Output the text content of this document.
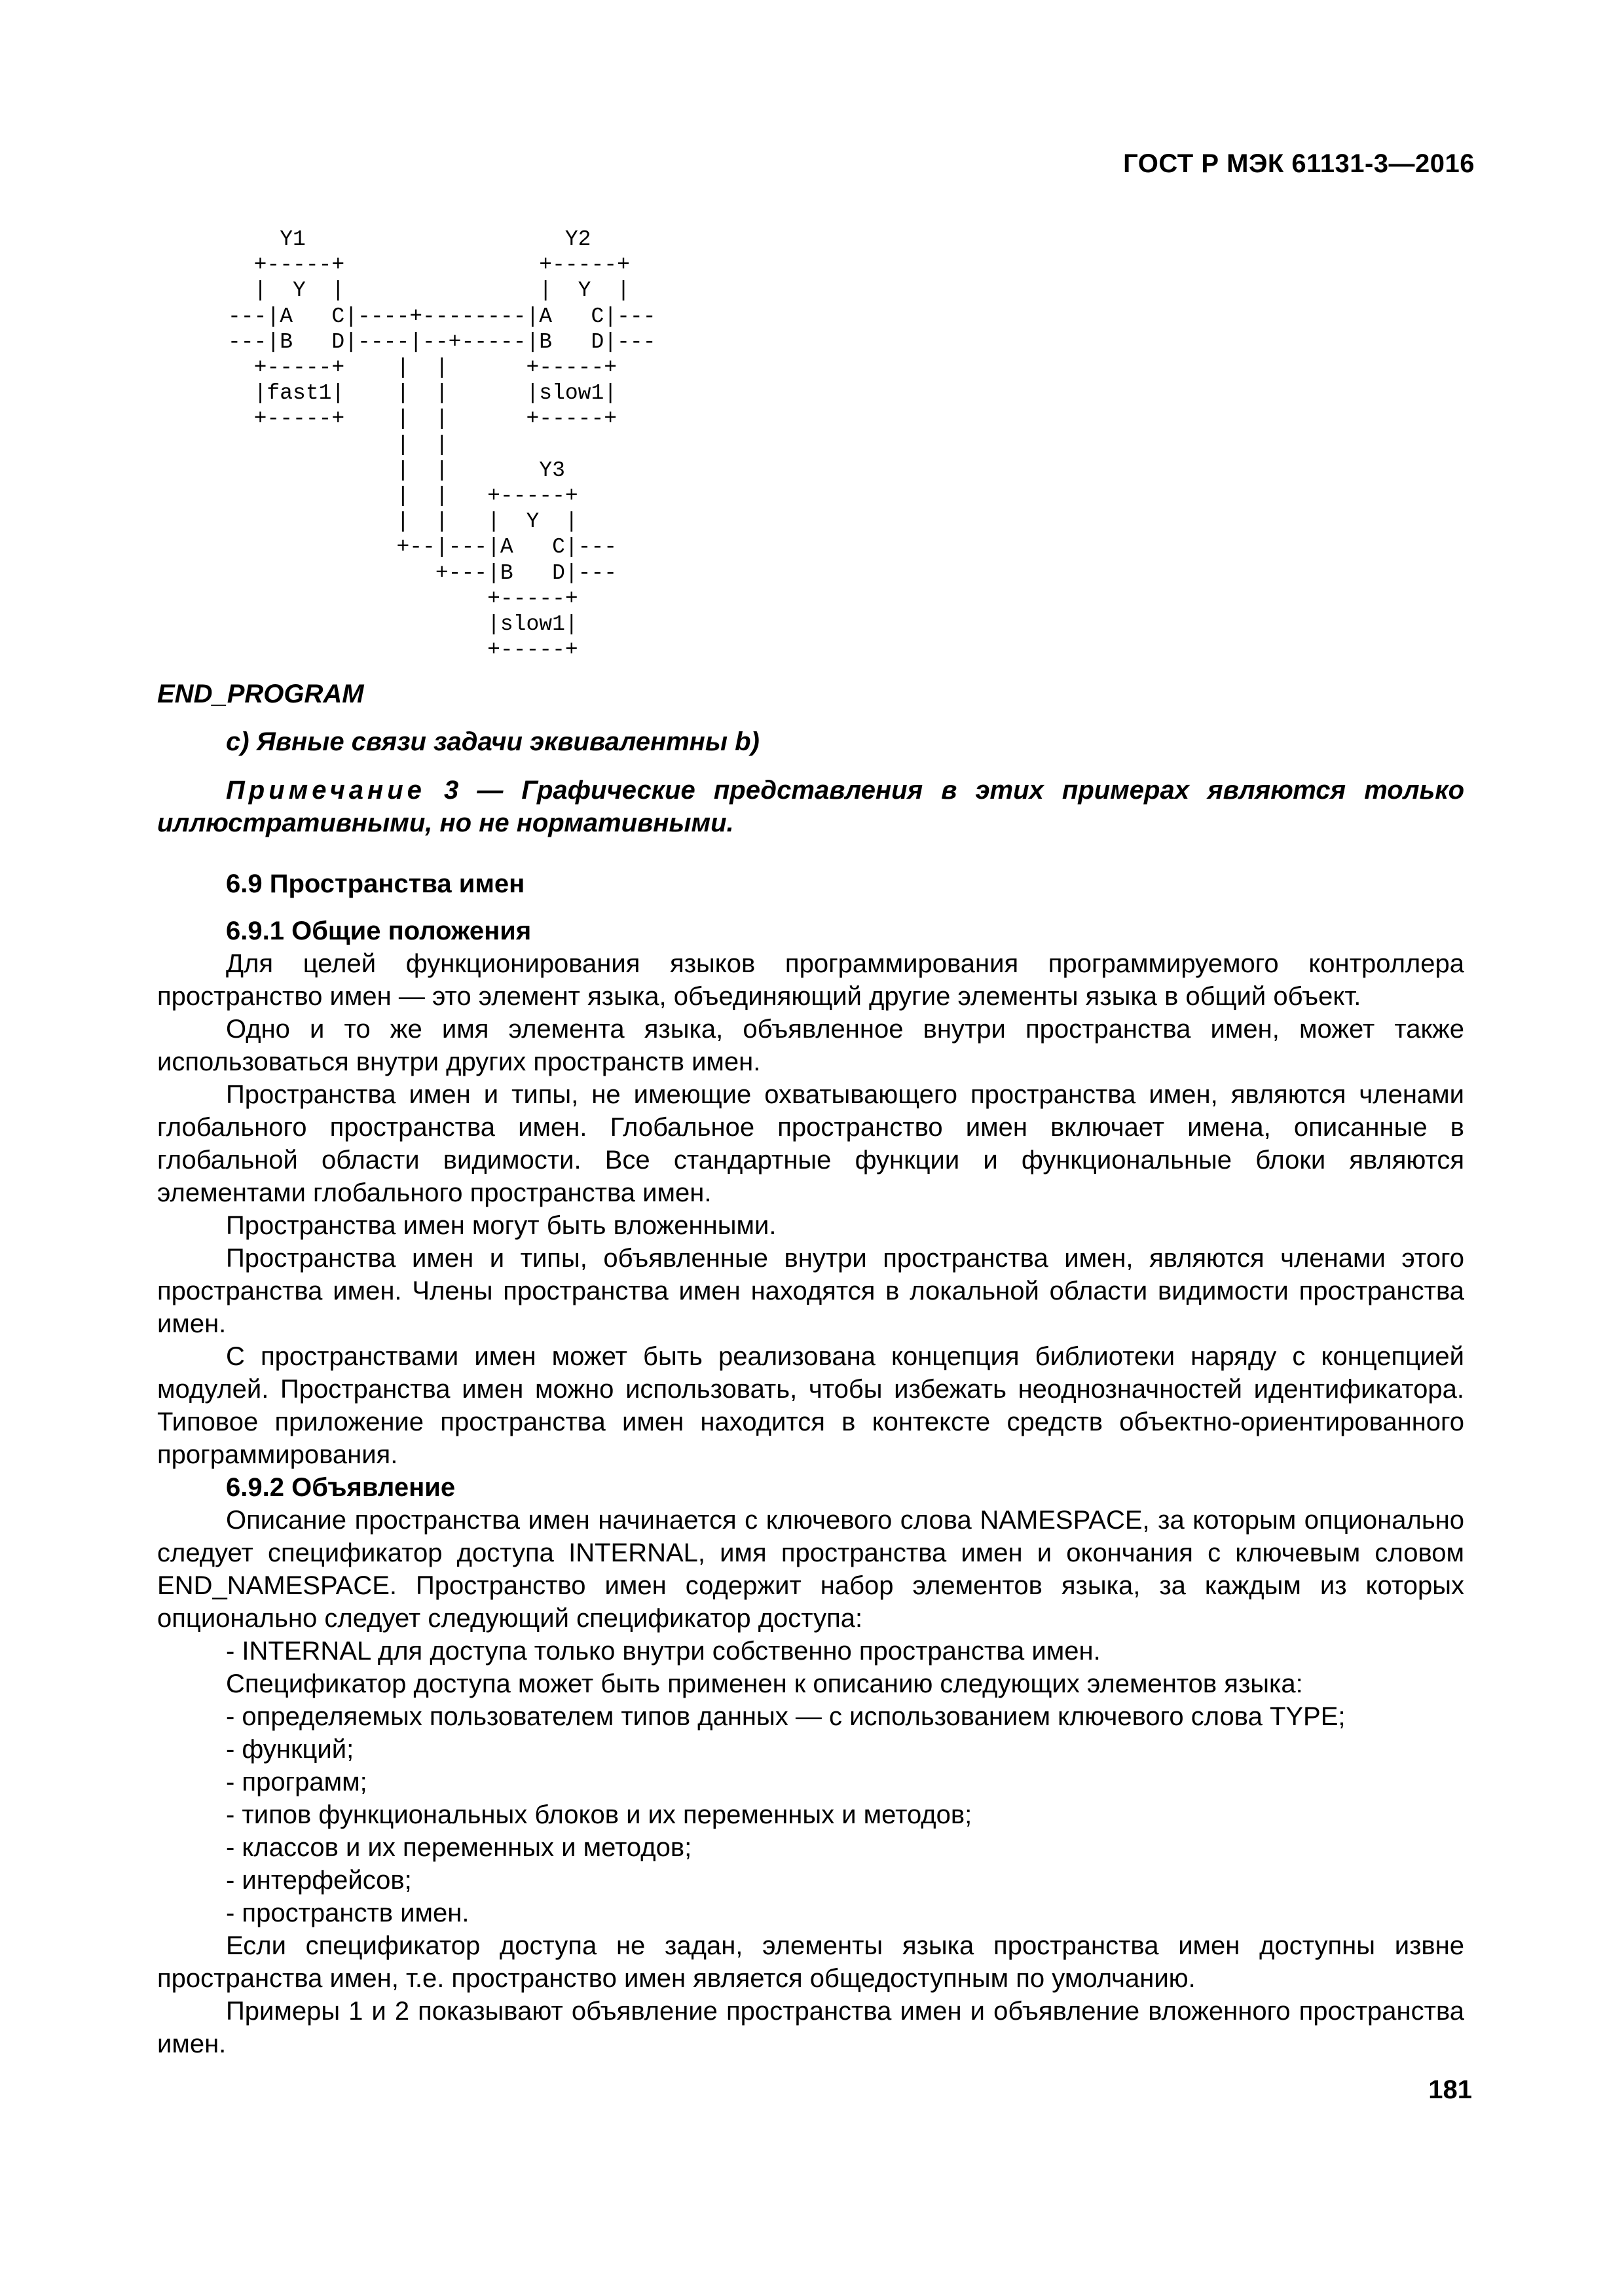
ГОСТ Р МЭК 61131-3—2016
Y1                    Y2
+-----+               +-----+
|  Y  |               |  Y  |
---|A   C|----+--------|A   C|---
---|B   D|----|--+-----|B   D|---
+-----+    |  |      +-----+
|fast1|    |  |      |slow1|
+-----+    |  |      +-----+
|  |
|  |       Y3
|  |   +-----+
|  |   |  Y  |
+--|---|A   C|---
+---|B   D|---
+-----+
|slow1|
+-----+
END_PROGRAM
c) Явные связи задачи эквивалентны b)
Примечание 3 — Графические представления в этих примерах являются только иллюстративными, но не нормативными.
6.9 Пространства имен
6.9.1 Общие положения

Для целей функционирования языков программирования программируемого контроллера пространство имен — это элемент языка, объединяющий другие элементы языка в общий объект.

Одно и то же имя элемента языка, объявленное внутри пространства имен, может также использоваться внутри других пространств имен.

Пространства имен и типы, не имеющие охватывающего пространства имен, являются членами глобального пространства имен. Глобальное пространство имен включает имена, описанные в глобальной области видимости. Все стандартные функции и функциональные блоки являются элементами глобального пространства имен.

Пространства имен могут быть вложенными.

Пространства имен и типы, объявленные внутри пространства имен, являются членами этого пространства имен. Члены пространства имен находятся в локальной области видимости пространства имен.

С пространствами имен может быть реализована концепция библиотеки наряду с концепцией модулей. Пространства имен можно использовать, чтобы избежать неоднозначностей идентификатора. Типовое приложение пространства имен находится в контексте средств объектно-ориентированного программирования.

6.9.2 Объявление

Описание пространства имен начинается с ключевого слова NAMESPACE, за которым опционально следует спецификатор доступа INTERNAL, имя пространства имен и окончания с ключевым словом END_NAMESPACE. Пространство имен содержит набор элементов языка, за каждым из которых опционально следует следующий спецификатор доступа:

- INTERNAL для доступа только внутри собственно пространства имен.

Спецификатор доступа может быть применен к описанию следующих элементов языка:

- определяемых пользователем типов данных — с использованием ключевого слова TYPE;
- функций;
- программ;
- типов функциональных блоков и их переменных и методов;
- классов и их переменных и методов;
- интерфейсов;
- пространств имен.

Если спецификатор доступа не задан, элементы языка пространства имен доступны извне пространства имен, т.е. пространство имен является общедоступным по умолчанию.

Примеры 1 и 2 показывают объявление пространства имен и объявление вложенного пространства имен.

181
